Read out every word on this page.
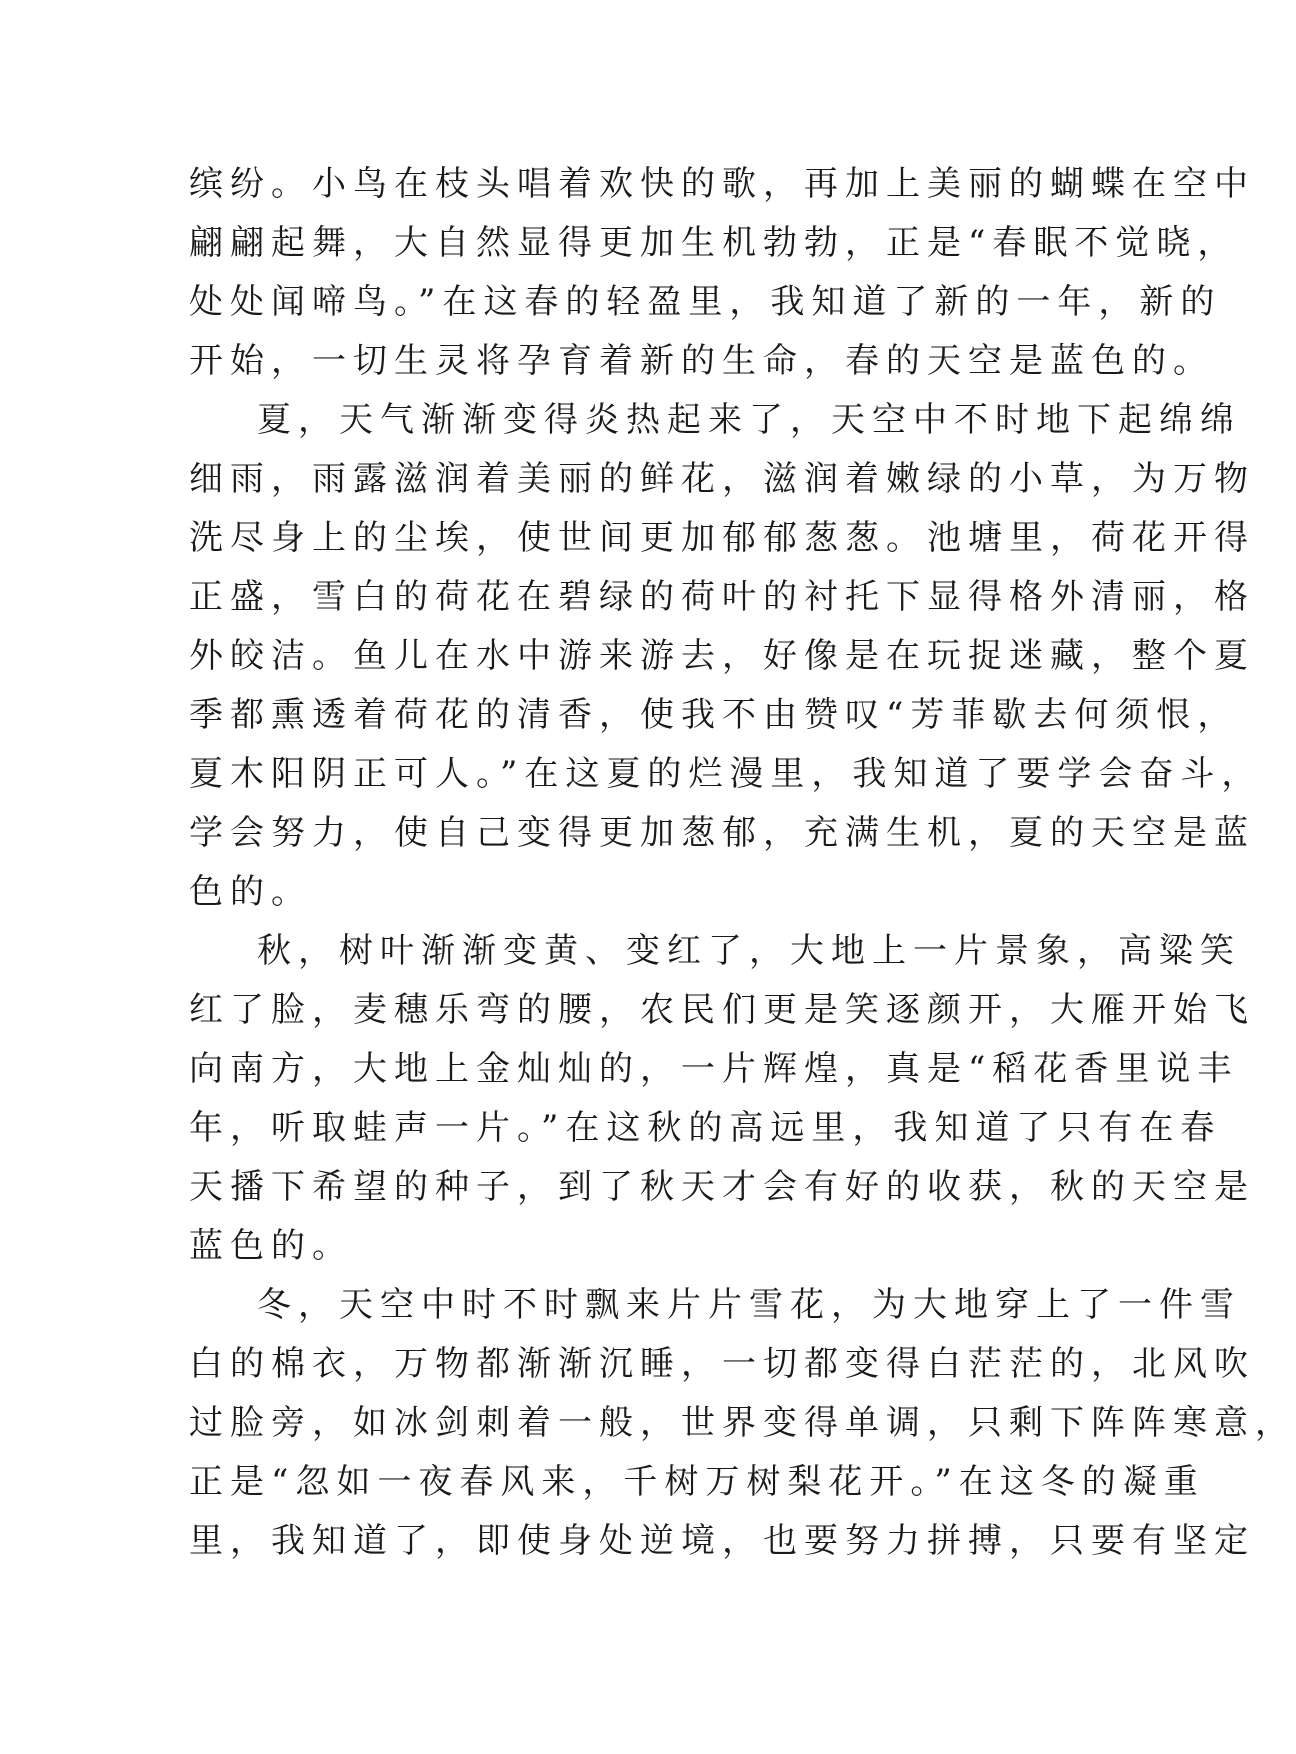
缤纷。小鸟在枝头唱着欢快的歌，再加上美丽的蝴蝶在空中
翩翩起舞，大自然显得更加生机勃勃，正是“春眠不觉晓，
处处闻啼鸟。”在这春的轻盈里，我知道了新的一年，新的
开始，一切生灵将孕育着新的生命，春的天空是蓝色的。
夏，天气渐渐变得炎热起来了，天空中不时地下起绵绵
细雨，雨露滋润着美丽的鲜花，滋润着嫩绿的小草，为万物
洗尽身上的尘埃，使世间更加郁郁葱葱。池塘里，荷花开得
正盛，雪白的荷花在碧绿的荷叶的衬托下显得格外清丽，格
外皎洁。鱼儿在水中游来游去，好像是在玩捉迷藏，整个夏
季都熏透着荷花的清香，使我不由赞叹“芳菲歇去何须恨，
夏木阳阴正可人。”在这夏的烂漫里，我知道了要学会奋斗，
学会努力，使自己变得更加葱郁，充满生机，夏的天空是蓝
色的。
秋，树叶渐渐变黄、变红了，大地上一片景象，高粱笑
红了脸，麦穗乐弯的腰，农民们更是笑逐颜开，大雁开始飞
向南方，大地上金灿灿的，一片辉煌，真是“稻花香里说丰
年，听取蛙声一片。”在这秋的高远里，我知道了只有在春
天播下希望的种子，到了秋天才会有好的收获，秋的天空是
蓝色的。
冬，天空中时不时飘来片片雪花，为大地穿上了一件雪
白的棉衣，万物都渐渐沉睡，一切都变得白茫茫的，北风吹
过脸旁，如冰剑刺着一般，世界变得单调，只剩下阵阵寒意，
正是“忽如一夜春风来，千树万树梨花开。”在这冬的凝重
里，我知道了，即使身处逆境，也要努力拼搏，只要有坚定
